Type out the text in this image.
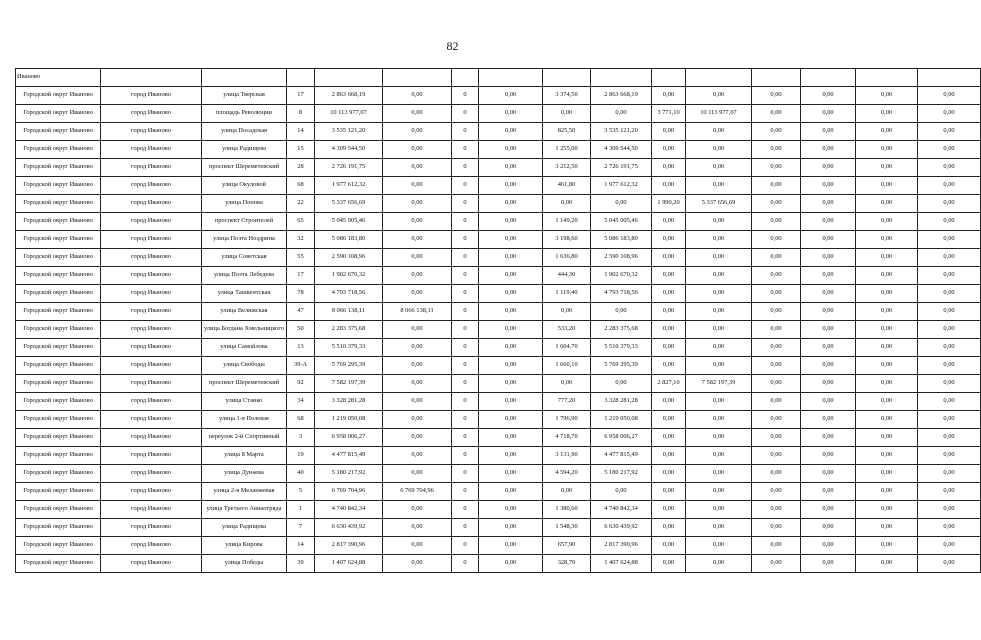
82
Иваново															
Городской округ Иваново	город Иваново	улица Тверская	17	2 863 668,19	0,00	0	0,00	3 374,50	2 863 668,19	0,00	0,00	0,00	0,00	0,00	0,00
Городской округ Иваново	город Иваново	площадь Революции	8	10 113 977,07	0,00	0	0,00	0,00	0,00	3 771,10	10 113 977,07	0,00	0,00	0,00	0,00
Городской округ Иваново	город Иваново	улица Посадская	14	3 535 121,20	0,00	0	0,00	825,50	3 535 121,20	0,00	0,00	0,00	0,00	0,00	0,00
Городской округ Иваново	город Иваново	улица Радищева	15	4 309 544,50	0,00	0	0,00	1 255,00	4 309 544,50	0,00	0,00	0,00	0,00	0,00	0,00
Городской округ Иваново	город Иваново	проспект Шереметевский	28	2 726 191,75	0,00	0	0,00	3 212,50	2 726 191,75	0,00	0,00	0,00	0,00	0,00	0,00
Городской округ Иваново	город Иваново	улица Окуловой	68	1 977 612,32	0,00	0	0,00	461,80	1 977 612,32	0,00	0,00	0,00	0,00	0,00	0,00
Городской округ Иваново	город Иваново	улица Попова	22	5 337 656,69	0,00	0	0,00	0,00	0,00	1 990,20	5 337 656,69	0,00	0,00	0,00	0,00
Городской округ Иваново	город Иваново	проспект Строителей	65	5 045 005,46	0,00	0	0,00	1 149,20	5 045 005,46	0,00	0,00	0,00	0,00	0,00	0,00
Городской округ Иваново	город Иваново	улица Поэта Ноздрина	32	5 086 183,80	0,00	0	0,00	3 198,60	5 086 183,80	0,00	0,00	0,00	0,00	0,00	0,00
Городской округ Иваново	город Иваново	улица Советская	55	2 590 108,96	0,00	0	0,00	1 636,80	2 590 108,96	0,00	0,00	0,00	0,00	0,00	0,00
Городской округ Иваново	город Иваново	улица Поэта Лебедева	17	1 902 670,32	0,00	0	0,00	444,30	1 902 670,32	0,00	0,00	0,00	0,00	0,00	0,00
Городской округ Иваново	город Иваново	улица Ташкентская	78	4 793 718,56	0,00	0	0,00	1 119,40	4 793 718,56	0,00	0,00	0,00	0,00	0,00	0,00
Городской округ Иваново	город Иваново	улица Велижская	47	8 066 138,11	8 066 138,11	0	0,00	0,00	0,00	0,00	0,00	0,00	0,00	0,00	0,00
Городской округ Иваново	город Иваново	улица Богдана Хмельницкого	50	2 283 375,68	0,00	0	0,00	533,20	2 283 375,68	0,00	0,00	0,00	0,00	0,00	0,00
Городской округ Иваново	город Иваново	улица Самойлова	13	5 510 379,33	0,00	0	0,00	1 604,70	5 510 379,33	0,00	0,00	0,00	0,00	0,00	0,00
Городской округ Иваново	город Иваново	улица Свободы	39-А	5 769 295,39	0,00	0	0,00	1 660,10	5 769 295,39	0,00	0,00	0,00	0,00	0,00	0,00
Городской округ Иваново	город Иваново	проспект Шереметевский	92	7 582 197,39	0,00	0	0,00	0,00	0,00	2 827,10	7 582 197,39	0,00	0,00	0,00	0,00
Городской округ Иваново	город Иваново	улица Станко	34	3 328 281,28	0,00	0	0,00	777,20	3 328 281,28	0,00	0,00	0,00	0,00	0,00	0,00
Городской округ Иваново	город Иваново	улица 1-я Полевая	68	1 219 050,08	0,00	0	0,00	1 796,90	1 219 050,08	0,00	0,00	0,00	0,00	0,00	0,00
Городской округ Иваново	город Иваново	переулок 2-й Спортивный	3	6 958 006,27	0,00	0	0,00	4 718,70	6 958 006,27	0,00	0,00	0,00	0,00	0,00	0,00
Городской округ Иваново	город Иваново	улица 8 Марта	19	4 477 815,49	0,00	0	0,00	3 131,90	4 477 815,49	0,00	0,00	0,00	0,00	0,00	0,00
Городской округ Иваново	город Иваново	улица Дунаева	40	5 180 217,92	0,00	0	0,00	4 594,20	5 180 217,92	0,00	0,00	0,00	0,00	0,00	0,00
Городской округ Иваново	город Иваново	улица 2-я Меланжевая	5	6 769 704,96	6 769 704,96	0	0,00	0,00	0,00	0,00	0,00	0,00	0,00	0,00	0,00
Городской округ Иваново	город Иваново	улица Третьего Авиаотряда	1	4 740 842,34	0,00	0	0,00	1 380,60	4 740 842,34	0,00	0,00	0,00	0,00	0,00	0,00
Городской округ Иваново	город Иваново	улица Радищева	7	6 630 439,92	0,00	0	0,00	1 548,30	6 630 439,92	0,00	0,00	0,00	0,00	0,00	0,00
Городской округ Иваново	город Иваново	улица Кирова	14	2 817 390,96	0,00	0	0,00	657,90	2 817 390,96	0,00	0,00	0,00	0,00	0,00	0,00
Городской округ Иваново	город Иваново	улица Победы	39	1 407 624,88	0,00	0	0,00	328,70	1 407 624,88	0,00	0,00	0,00	0,00	0,00	0,00
